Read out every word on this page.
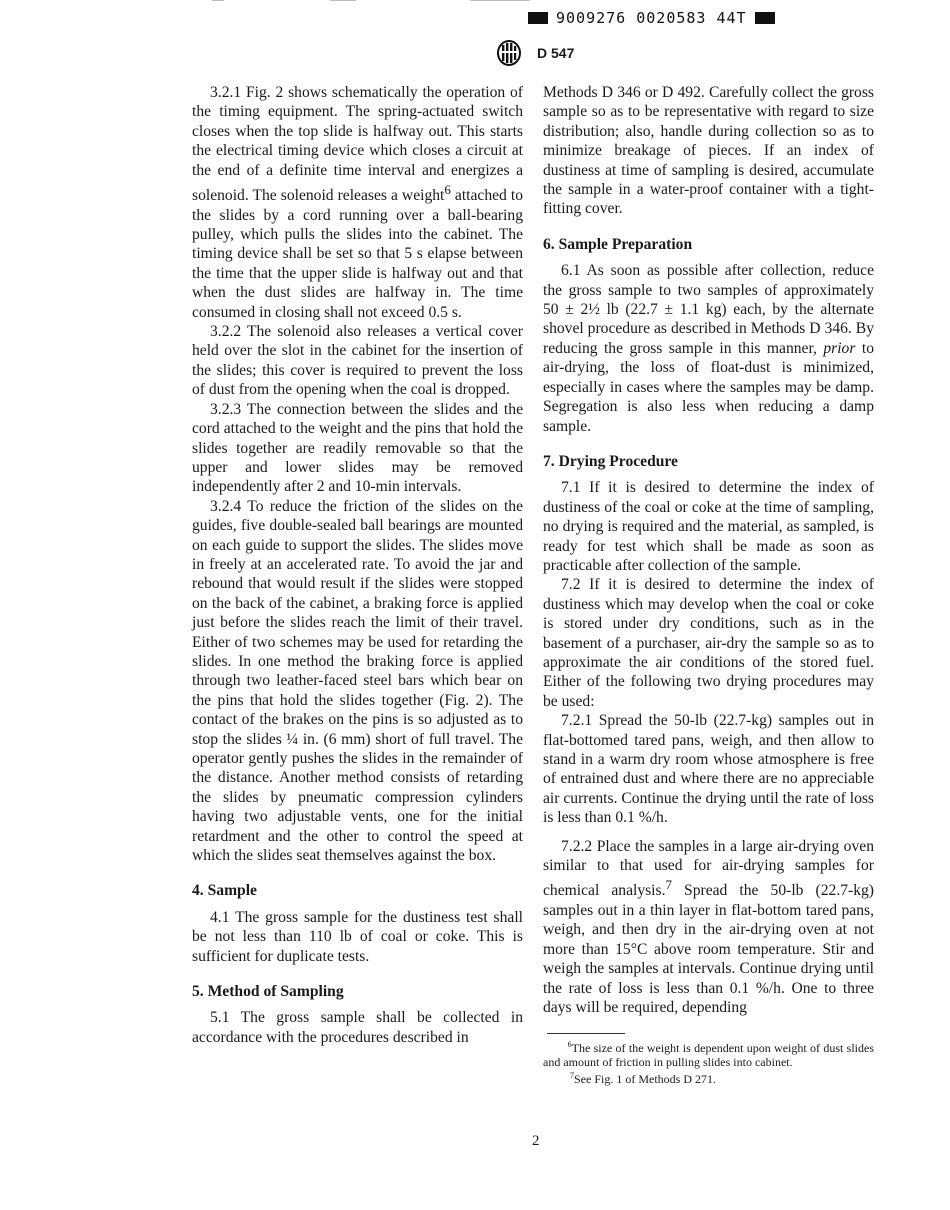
9009276 0020583 44T
D 547

3.2.1 Fig. 2 shows schematically the operation of the timing equipment. The spring-actuated switch closes when the top slide is halfway out. This starts the electrical timing device which closes a circuit at the end of a definite time interval and energizes a solenoid. The solenoid releases a weight$^6$ attached to the slides by a cord running over a ball-bearing pulley, which pulls the slides into the cabinet. The timing device shall be set so that 5 s elapse between the time that the upper slide is halfway out and that when the dust slides are halfway in. The time consumed in closing shall not exceed 0.5 s.

3.2.2 The solenoid also releases a vertical cover held over the slot in the cabinet for the insertion of the slides; this cover is required to prevent the loss of dust from the opening when the coal is dropped.

3.2.3 The connection between the slides and the cord attached to the weight and the pins that hold the slides together are readily removable so that the upper and lower slides may be removed independently after 2 and 10-min intervals.

3.2.4 To reduce the friction of the slides on the guides, five double-sealed ball bearings are mounted on each guide to support the slides. The slides move in freely at an accelerated rate. To avoid the jar and rebound that would result if the slides were stopped on the back of the cabinet, a braking force is applied just before the slides reach the limit of their travel. Either of two schemes may be used for retarding the slides. In one method the braking force is applied through two leather-faced steel bars which bear on the pins that hold the slides together (Fig. 2). The contact of the brakes on the pins is so adjusted as to stop the slides ¼ in. (6 mm) short of full travel. The operator gently pushes the slides in the remainder of the distance. Another method consists of retarding the slides by pneumatic compression cylinders having two adjustable vents, one for the initial retardment and the other to control the speed at which the slides seat themselves against the box.

4. Sample

4.1 The gross sample for the dustiness test shall be not less than 110 lb of coal or coke. This is sufficient for duplicate tests.

5. Method of Sampling

5.1 The gross sample shall be collected in accordance with the procedures described in

Methods D 346 or D 492. Carefully collect the gross sample so as to be representative with regard to size distribution; also, handle during collection so as to minimize breakage of pieces. If an index of dustiness at time of sampling is desired, accumulate the sample in a water-proof container with a tight-fitting cover.

6. Sample Preparation

6.1 As soon as possible after collection, reduce the gross sample to two samples of approximately 50 ± 2½ lb (22.7 ± 1.1 kg) each, by the alternate shovel procedure as described in Methods D 346. By reducing the gross sample in this manner, prior to air-drying, the loss of float-dust is minimized, especially in cases where the samples may be damp. Segregation is also less when reducing a damp sample.

7. Drying Procedure

7.1 If it is desired to determine the index of dustiness of the coal or coke at the time of sampling, no drying is required and the material, as sampled, is ready for test which shall be made as soon as practicable after collection of the sample.

7.2 If it is desired to determine the index of dustiness which may develop when the coal or coke is stored under dry conditions, such as in the basement of a purchaser, air-dry the sample so as to approximate the air conditions of the stored fuel. Either of the following two drying procedures may be used:

7.2.1 Spread the 50-lb (22.7-kg) samples out in flat-bottomed tared pans, weigh, and then allow to stand in a warm dry room whose atmosphere is free of entrained dust and where there are no appreciable air currents. Continue the drying until the rate of loss is less than 0.1 %/h.

7.2.2 Place the samples in a large air-drying oven similar to that used for air-drying samples for chemical analysis.$^7$ Spread the 50-lb (22.7-kg) samples out in a thin layer in flat-bottom tared pans, weigh, and then dry in the air-drying oven at not more than 15°C above room temperature. Stir and weigh the samples at intervals. Continue drying until the rate of loss is less than 0.1 %/h. One to three days will be required, depending

$^6$The size of the weight is dependent upon weight of dust slides and amount of friction in pulling slides into cabinet.

$^7$See Fig. 1 of Methods D 271.

2
